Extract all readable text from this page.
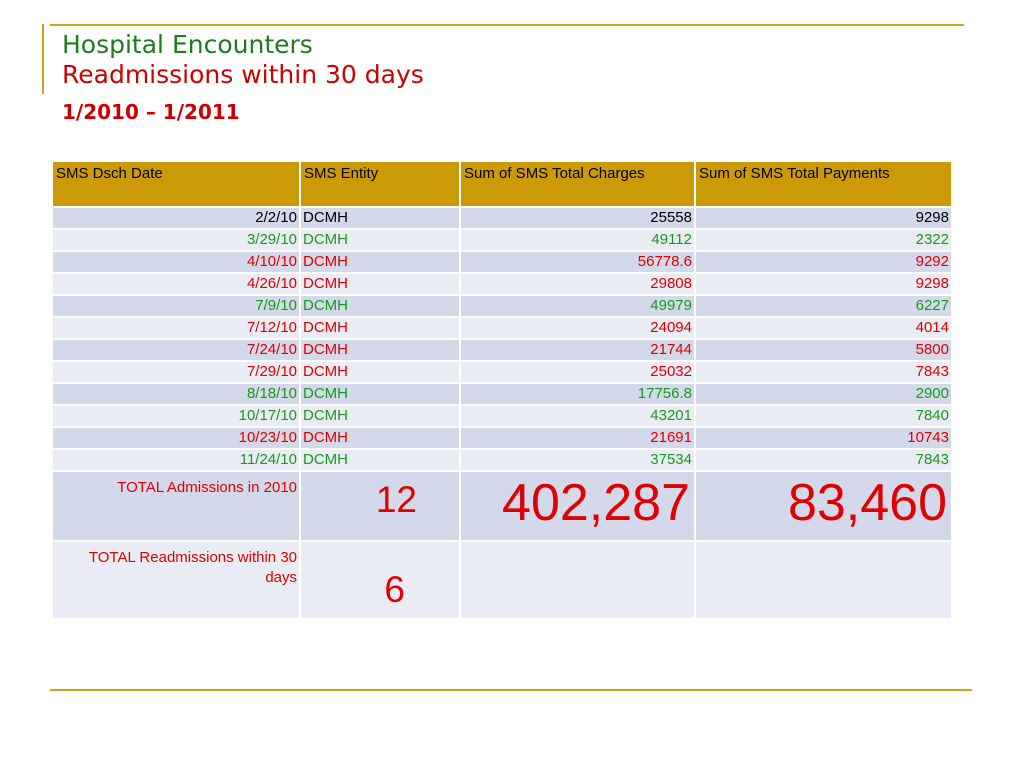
Hospital Encounters
Readmissions within 30 days
1/2010 – 1/2011
SMS Dsch Date	SMS Entity	Sum of SMS Total Charges	Sum of SMS Total Payments
2/2/10	DCMH	25558	9298
3/29/10	DCMH	49112	2322
4/10/10	DCMH	56778.6	9292
4/26/10	DCMH	29808	9298
7/9/10	DCMH	49979	6227
7/12/10	DCMH	24094	4014
7/24/10	DCMH	21744	5800
7/29/10	DCMH	25032	7843
8/18/10	DCMH	17756.8	2900
10/17/10	DCMH	43201	7840
10/23/10	DCMH	21691	10743
11/24/10	DCMH	37534	7843
TOTAL Admissions in 2010	12	402,287	83,460
TOTAL Readmissions within 30 days	6		
